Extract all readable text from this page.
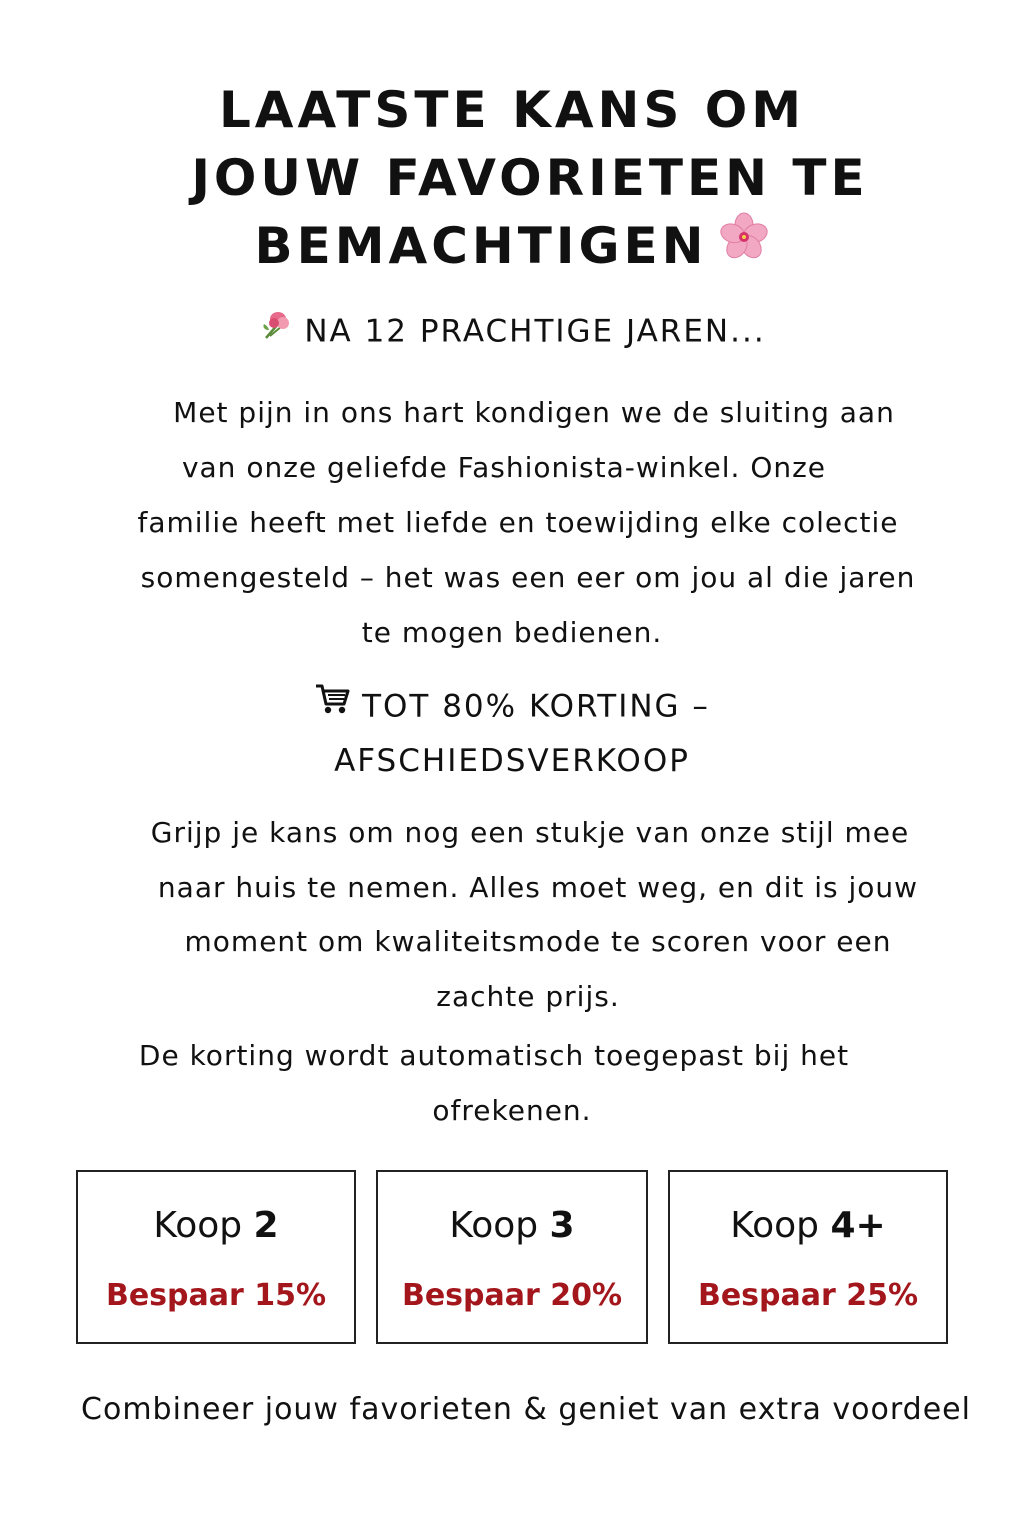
LAATSTE KANS OM
JOUW FAVORIETEN TE
BEMACHTIGEN

NA 12 PRACHTIGE JAREN...

Met pijn in ons hart kondigen we de sluiting aan

van onze geliefde Fashionista-winkel. Onze

familie heeft met liefde en toewijding elke colectie

somengesteld – het was een eer om jou al die jaren

te mogen bedienen.

TOT 80% KORTING –

AFSCHIEDSVERKOOP

Grijp je kans om nog een stukje van onze stijl mee

naar huis te nemen. Alles moet weg, en dit is jouw

moment om kwaliteitsmode te scoren voor een

zachte prijs.

De korting wordt automatisch toegepast bij het

ofrekenen.

Koop 2
Bespaar 15%
Koop 3
Bespaar 20%
Koop 4+
Bespaar 25%

Combineer jouw favorieten & geniet van extra voordeel
